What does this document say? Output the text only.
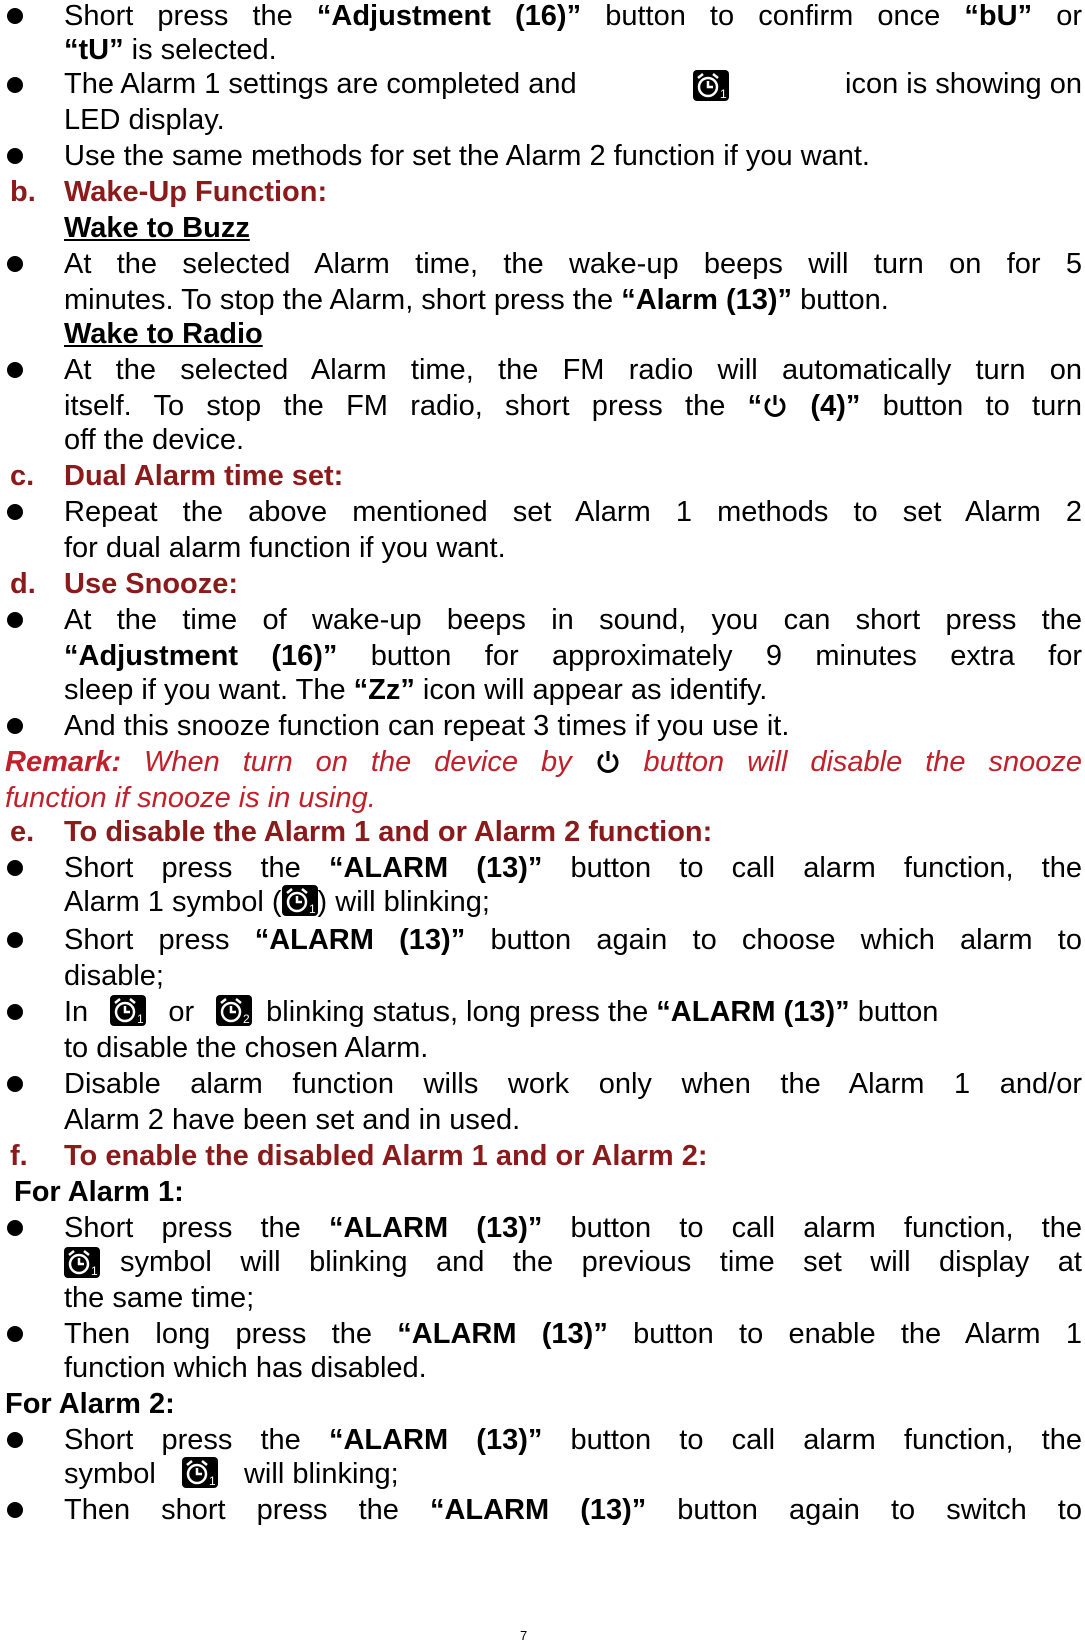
Short press the “Adjustment (16)” button to confirm once “bU” or
“tU” is selected.
The Alarm 1 settings are completed and	1	icon is showing on
LED display.
Use the same methods for set the Alarm 2 function if you want.
b. Wake-Up Function:
Wake to Buzz
At the selected Alarm time, the wake-up beeps will turn on for 5
minutes. To stop the Alarm, short press the “Alarm (13)” button.
Wake to Radio
At the selected Alarm time, the FM radio will automatically turn on
itself. To stop the FM radio, short press the “ (4)” button to turn
off the device.
c. Dual Alarm time set:
Repeat the above mentioned set Alarm 1 methods to set Alarm 2
for dual alarm function if you want.
d. Use Snooze:
At the time of wake-up beeps in sound, you can short press the
“Adjustment (16)” button for approximately 9 minutes extra for
sleep if you want. The “Zz” icon will appear as identify.
And this snooze function can repeat 3 times if you use it.
Remark: When turn on the device by  button will disable the snooze
function if snooze is in using.
e. To disable the Alarm 1 and or Alarm 2 function:
Short press the “ALARM (13)” button to call alarm function, the
Alarm 1 symbol ( 1 ) will blinking;
Short press “ALARM (13)” button again to choose which alarm to
disable;
In	1 or	2 blinking status, long press the “ALARM (13)” button
to disable the chosen Alarm.
Disable alarm function wills work only when the Alarm 1 and/or
Alarm 2 have been set and in used.
f. To enable the disabled Alarm 1 and or Alarm 2:
For Alarm 1:
Short press the “ALARM (13)” button to call alarm function, the
1 symbol will blinking and the previous time set will display at
the same time;
Then long press the “ALARM (13)” button to enable the Alarm 1
function which has disabled.
For Alarm 2:
Short press the “ALARM (13)” button to call alarm function, the
symbol	1 will blinking;
Then short press the “ALARM (13)” button again to switch to
7
